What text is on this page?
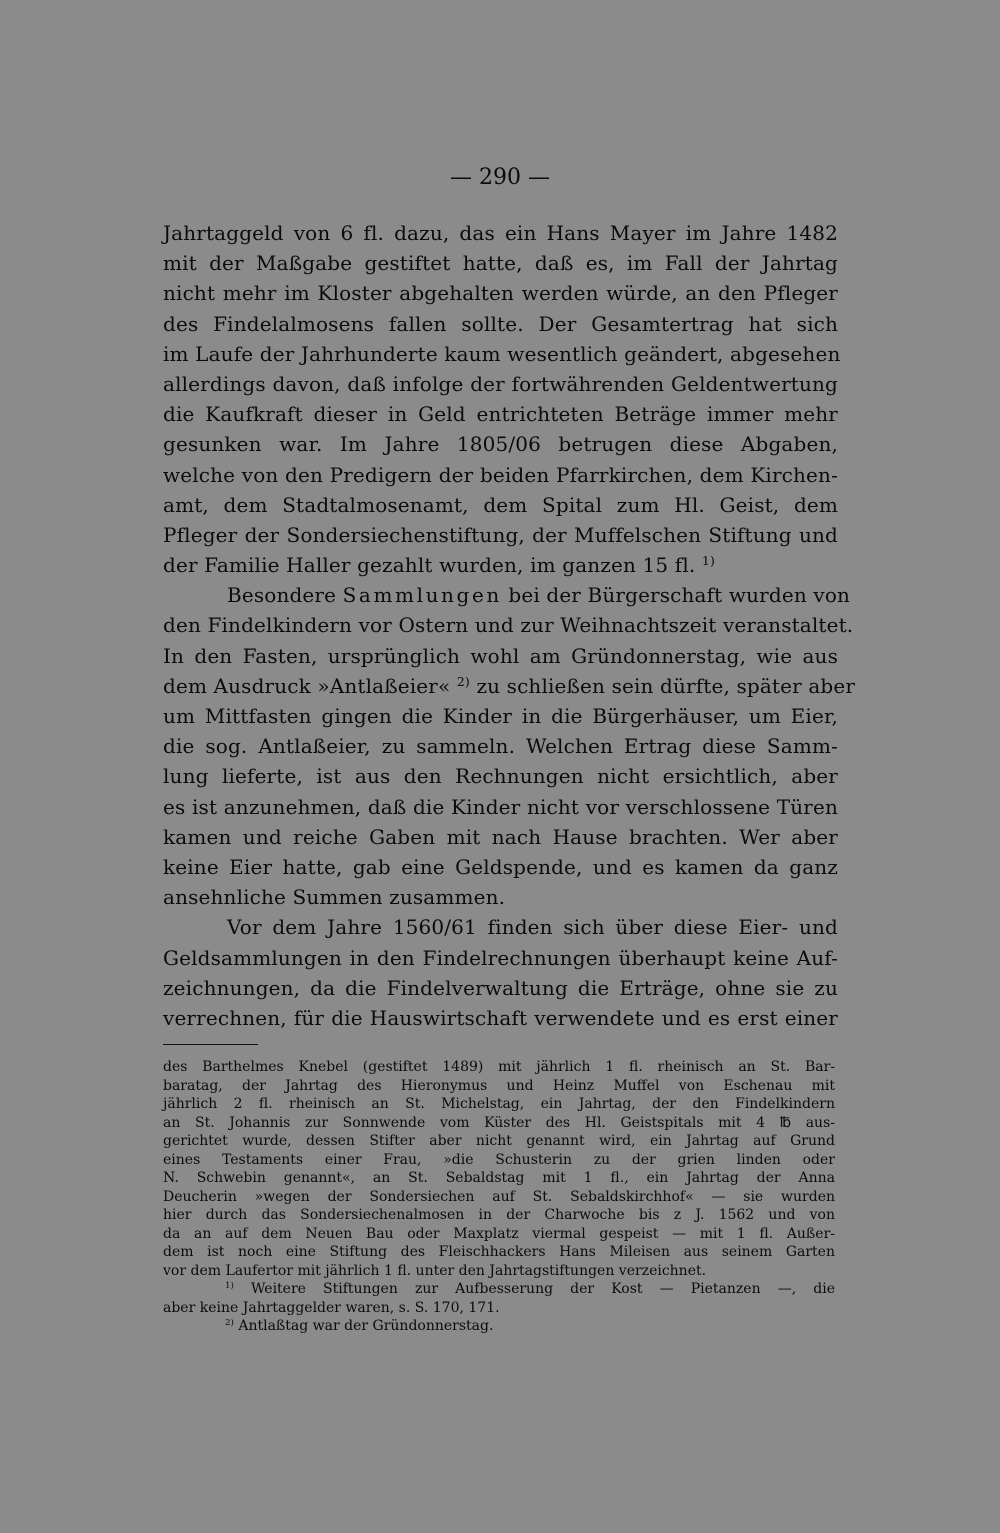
— 290 —
Jahrtaggeld von 6 fl. dazu, das ein Hans Mayer im Jahre 1482
mit der Maßgabe gestiftet hatte, daß es, im Fall der Jahrtag
nicht mehr im Kloster abgehalten werden würde, an den Pfleger
des Findelalmosens fallen sollte. Der Gesamtertrag hat sich
im Laufe der Jahrhunderte kaum wesentlich geändert, abgesehen
allerdings davon, daß infolge der fortwährenden Geldentwertung
die Kaufkraft dieser in Geld entrichteten Beträge immer mehr
gesunken war. Im Jahre 1805/06 betrugen diese Abgaben,
welche von den Predigern der beiden Pfarrkirchen, dem Kirchen-
amt, dem Stadtalmosenamt, dem Spital zum Hl. Geist, dem
Pfleger der Sondersiechenstiftung, der Muffelschen Stiftung und
der Familie Haller gezahlt wurden, im ganzen 15 fl. $^{1)}$
Besondere Sammlungen bei der Bürgerschaft wurden von
den Findelkindern vor Ostern und zur Weihnachtszeit veranstaltet.
In den Fasten, ursprünglich wohl am Gründonnerstag, wie aus
dem Ausdruck »Antlaßeier« $^{2)}$ zu schließen sein dürfte, später aber
um Mittfasten gingen die Kinder in die Bürgerhäuser, um Eier,
die sog. Antlaßeier, zu sammeln. Welchen Ertrag diese Samm-
lung lieferte, ist aus den Rechnungen nicht ersichtlich, aber
es ist anzunehmen, daß die Kinder nicht vor verschlossene Türen
kamen und reiche Gaben mit nach Hause brachten. Wer aber
keine Eier hatte, gab eine Geldspende, und es kamen da ganz
ansehnliche Summen zusammen.
Vor dem Jahre 1560/61 finden sich über diese Eier- und
Geldsammlungen in den Findelrechnungen überhaupt keine Auf-
zeichnungen, da die Findelverwaltung die Erträge, ohne sie zu
verrechnen, für die Hauswirtschaft verwendete und es erst einer
des Barthelmes Knebel (gestiftet 1489) mit jährlich 1 fl. rheinisch an St. Bar-
baratag, der Jahrtag des Hieronymus und Heinz Muffel von Eschenau mit
jährlich 2 fl. rheinisch an St. Michelstag, ein Jahrtag, der den Findelkindern
an St. Johannis zur Sonnwende vom Küster des Hl. Geistspitals mit 4 ℔ aus-
gerichtet wurde, dessen Stifter aber nicht genannt wird, ein Jahrtag auf Grund
eines Testaments einer Frau, »die Schusterin zu der grien linden oder
N. Schwebin genannt«, an St. Sebaldstag mit 1 fl., ein Jahrtag der Anna
Deucherin »wegen der Sondersiechen auf St. Sebaldskirchhof« — sie wurden
hier durch das Sondersiechenalmosen in der Charwoche bis z J. 1562 und von
da an auf dem Neuen Bau oder Maxplatz viermal gespeist — mit 1 fl. Außer-
dem ist noch eine Stiftung des Fleischhackers Hans Mileisen aus seinem Garten
vor dem Laufertor mit jährlich 1 fl. unter den Jahrtagstiftungen verzeichnet.
$^{1)}$ Weitere Stiftungen zur Aufbesserung der Kost — Pietanzen —, die
aber keine Jahrtaggelder waren, s. S. 170, 171.
$^{2)}$ Antlaßtag war der Gründonnerstag.
